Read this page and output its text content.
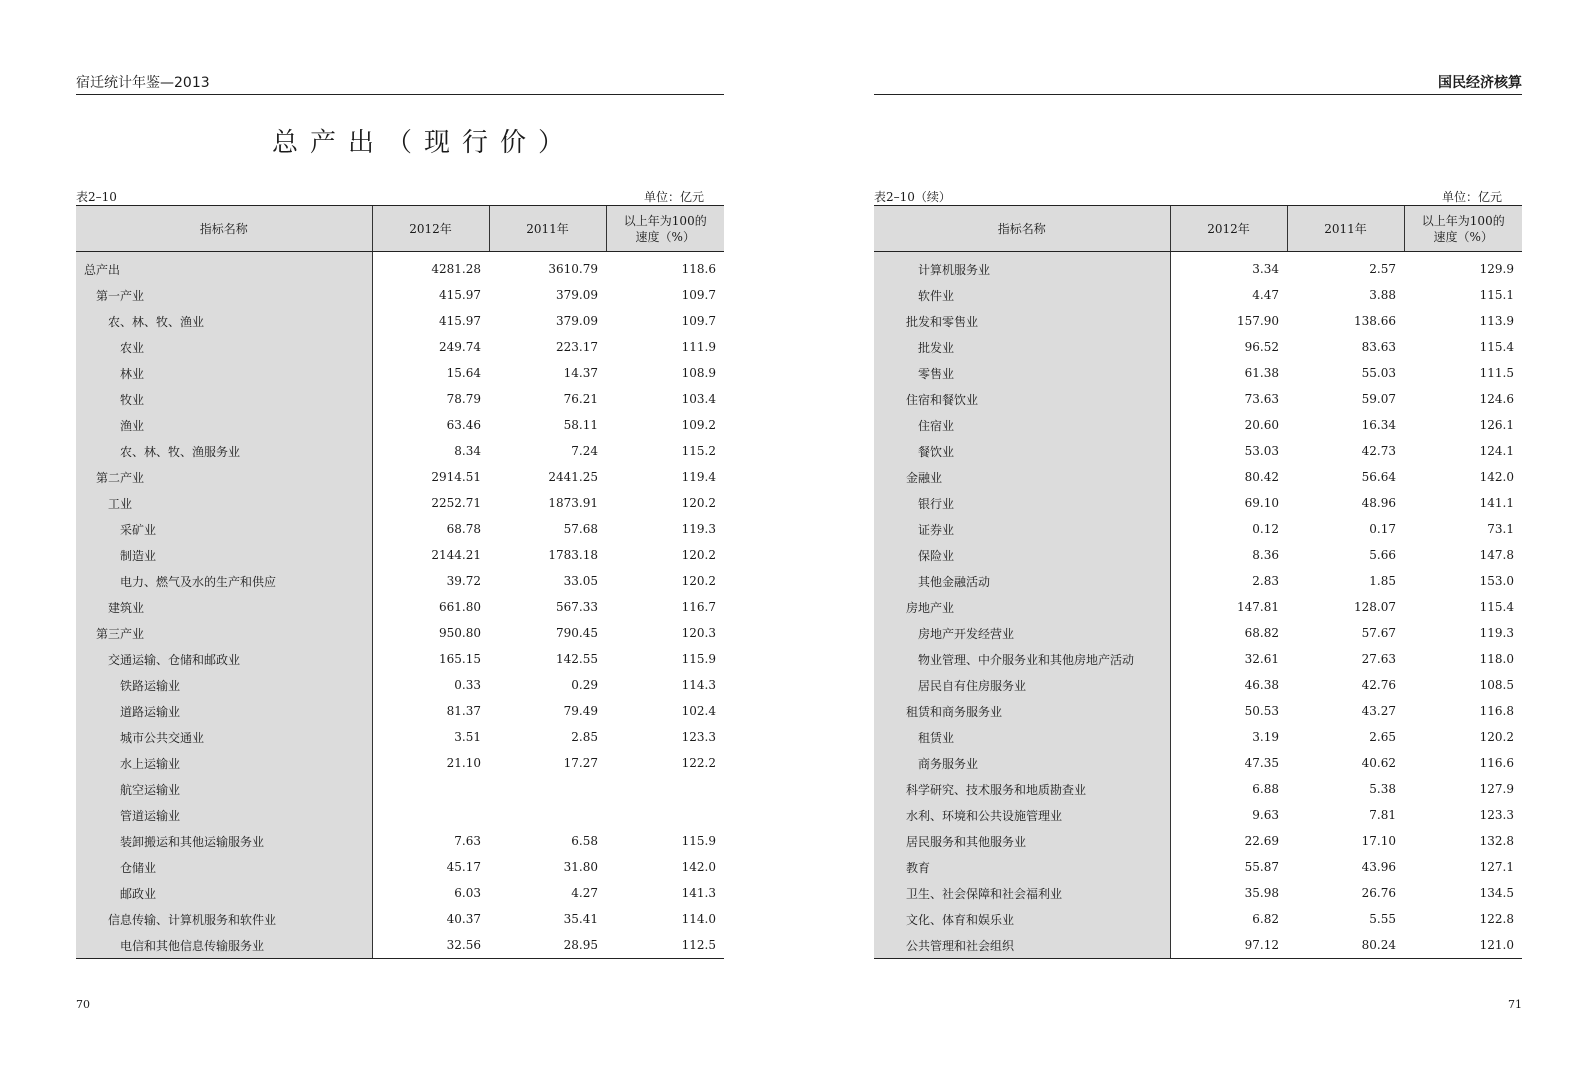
宿迁统计年鉴—2013
总产出（现行价）
表2–10	单位：亿元
指标名称	2012年	2011年	以上年为100的
速度（%）

总产出	4281.28	3610.79	118.6
第一产业	415.97	379.09	109.7
农、林、牧、渔业	415.97	379.09	109.7
农业	249.74	223.17	111.9
林业	15.64	14.37	108.9
牧业	78.79	76.21	103.4
渔业	63.46	58.11	109.2
农、林、牧、渔服务业	8.34	7.24	115.2
第二产业	2914.51	2441.25	119.4
工业	2252.71	1873.91	120.2
采矿业	68.78	57.68	119.3
制造业	2144.21	1783.18	120.2
电力、燃气及水的生产和供应	39.72	33.05	120.2
建筑业	661.80	567.33	116.7
第三产业	950.80	790.45	120.3
交通运输、仓储和邮政业	165.15	142.55	115.9
铁路运输业	0.33	0.29	114.3
道路运输业	81.37	79.49	102.4
城市公共交通业	3.51	2.85	123.3
水上运输业	21.10	17.27	122.2
航空运输业			
管道运输业			
装卸搬运和其他运输服务业	7.63	6.58	115.9
仓储业	45.17	31.80	142.0
邮政业	6.03	4.27	141.3
信息传输、计算机服务和软件业	40.37	35.41	114.0
电信和其他信息传输服务业	32.56	28.95	112.5
70
国民经济核算
表2–10（续）	单位：亿元
指标名称	2012年	2011年	以上年为100的
速度（%）

计算机服务业	3.34	2.57	129.9
软件业	4.47	3.88	115.1
批发和零售业	157.90	138.66	113.9
批发业	96.52	83.63	115.4
零售业	61.38	55.03	111.5
住宿和餐饮业	73.63	59.07	124.6
住宿业	20.60	16.34	126.1
餐饮业	53.03	42.73	124.1
金融业	80.42	56.64	142.0
银行业	69.10	48.96	141.1
证券业	0.12	0.17	73.1
保险业	8.36	5.66	147.8
其他金融活动	2.83	1.85	153.0
房地产业	147.81	128.07	115.4
房地产开发经营业	68.82	57.67	119.3
物业管理、中介服务业和其他房地产活动	32.61	27.63	118.0
居民自有住房服务业	46.38	42.76	108.5
租赁和商务服务业	50.53	43.27	116.8
租赁业	3.19	2.65	120.2
商务服务业	47.35	40.62	116.6
科学研究、技术服务和地质勘查业	6.88	5.38	127.9
水利、环境和公共设施管理业	9.63	7.81	123.3
居民服务和其他服务业	22.69	17.10	132.8
教育	55.87	43.96	127.1
卫生、社会保障和社会福利业	35.98	26.76	134.5
文化、体育和娱乐业	6.82	5.55	122.8
公共管理和社会组织	97.12	80.24	121.0
71
